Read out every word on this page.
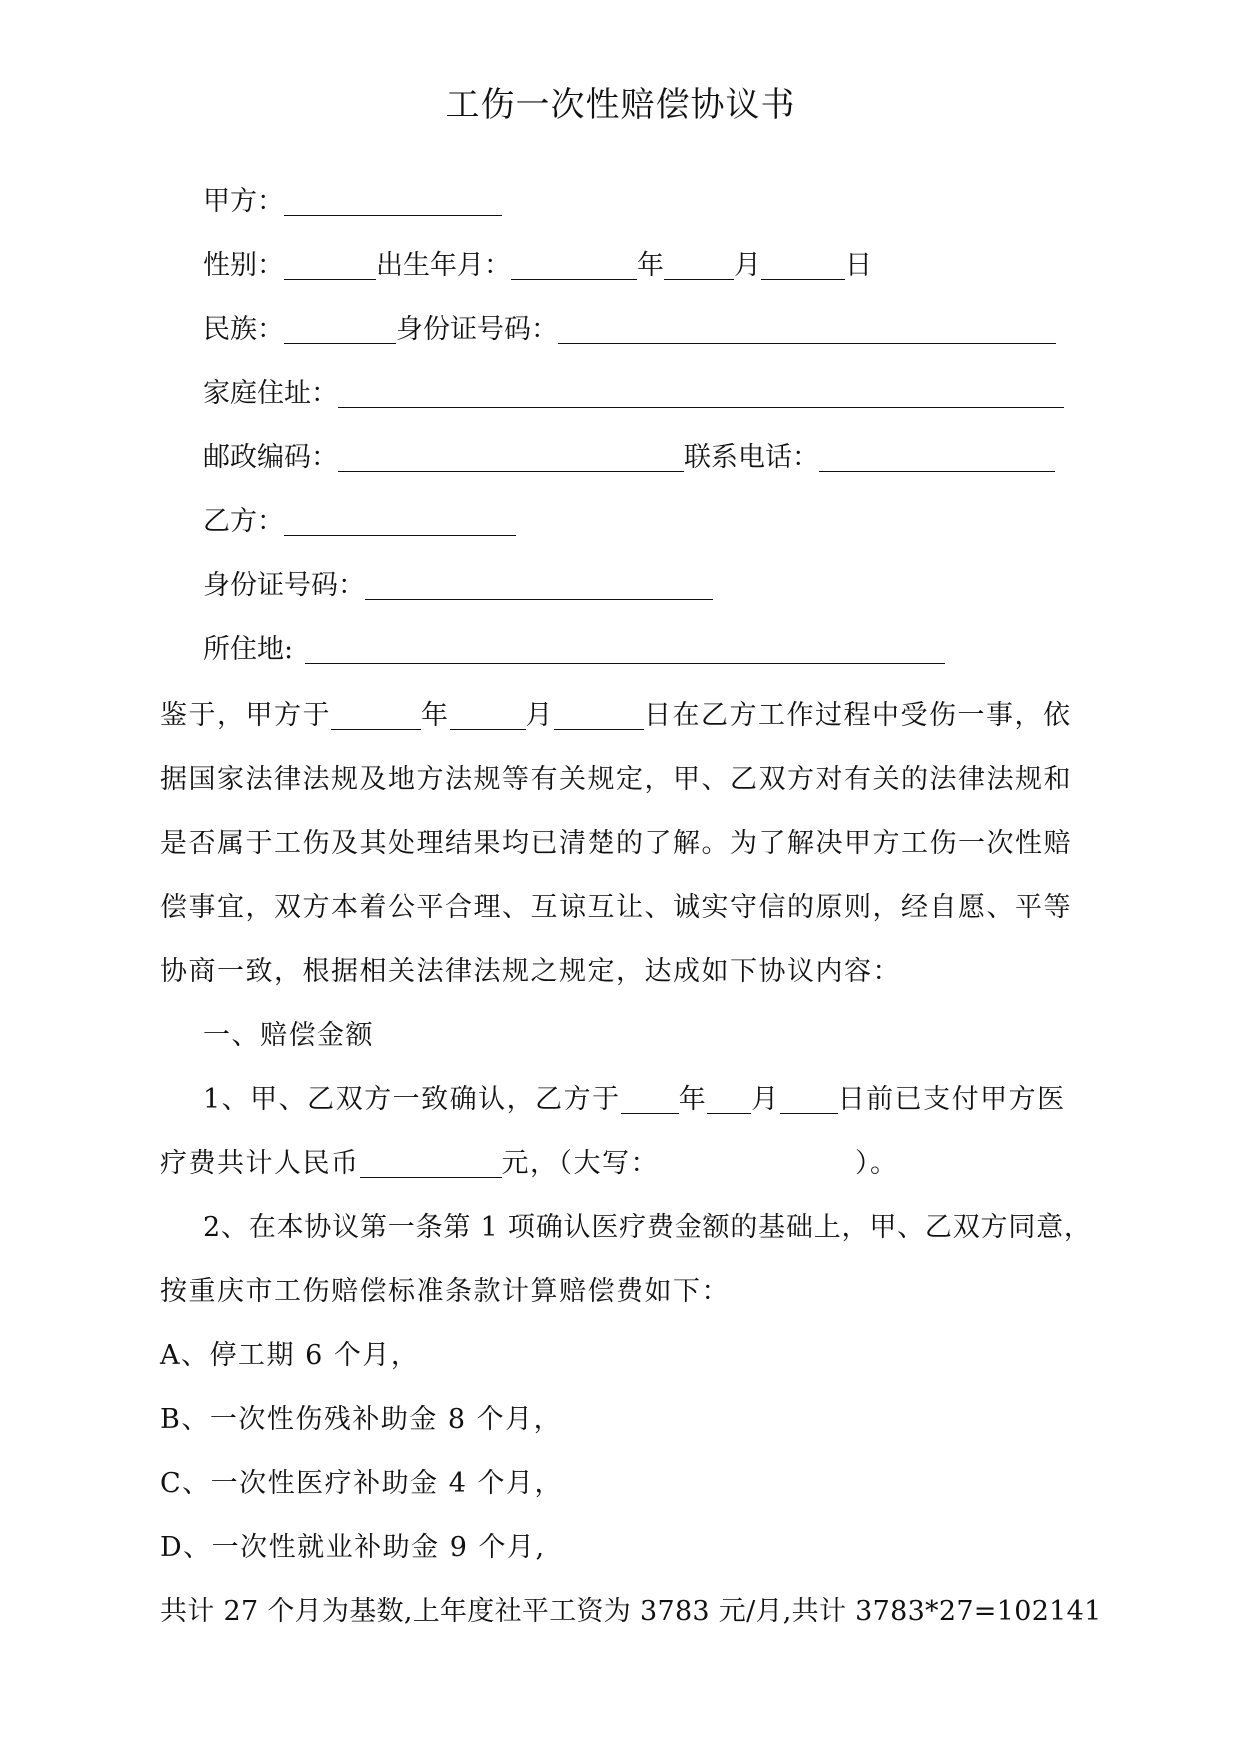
工伤一次性赔偿协议书
甲方：
性别：	出生年月：	年	月	日
民族：	身份证号码：
家庭住址：
邮政编码：	联系电话：
乙方：
身份证号码：
所住地:
鉴于，甲方于	年	月	日在乙方工作过程中受伤一事，依
据国家法律法规及地方法规等有关规定，甲、乙双方对有关的法律法规和
是否属于工伤及其处理结果均已清楚的了解。为了解决甲方工伤一次性赔
偿事宜，双方本着公平合理、互谅互让、诚实守信的原则，经自愿、平等
协商一致，根据相关法律法规之规定，达成如下协议内容：
一、赔偿金额
1、甲、乙双方一致确认，乙方于 年 月 日前已支付甲方医
疗费共计人民币	元，（大写：	）。
2、在本协议第一条第 1 项确认医疗费金额的基础上，甲、乙双方同意，
按重庆市工伤赔偿标准条款计算赔偿费如下：
A、停工期 6 个月，
B、一次性伤残补助金 8 个月，
C、一次性医疗补助金 4 个月，
D、一次性就业补助金 9 个月,
共计 27 个月为基数,上年度社平工资为 3783 元/月,共计 3783*27=102141
